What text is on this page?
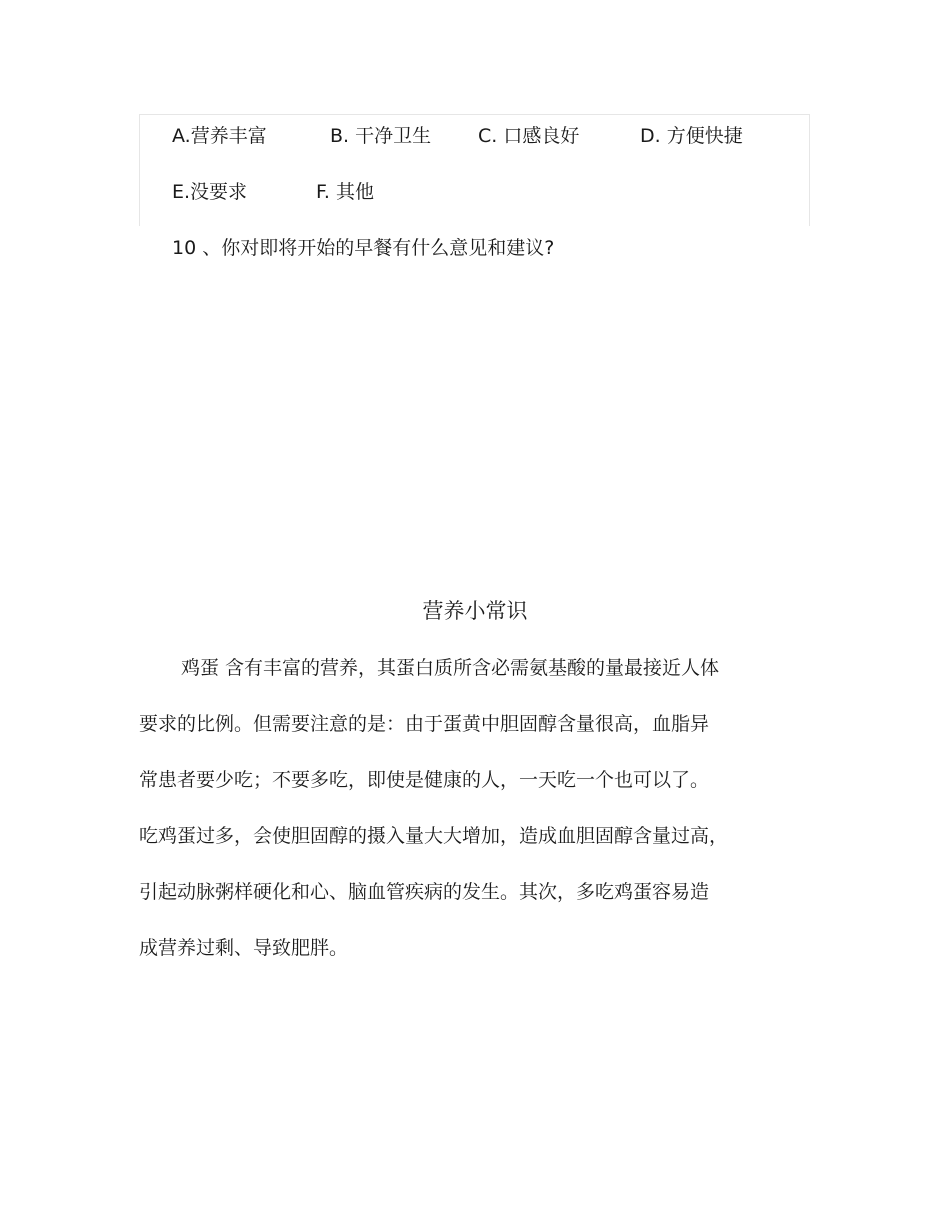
A.营养丰富	B. 干净卫生 C. 口感良好	D. 方便快捷
E.没要求	F. 其他
10 、你对即将开始的早餐有什么意见和建议?
营养小常识
鸡蛋 含有丰富的营养，其蛋白质所含必需氨基酸的量最接近人体
要求的比例。但需要注意的是：由于蛋黄中胆固醇含量很高，血脂异
常患者要少吃；不要多吃，即使是健康的人，一天吃一个也可以了。
吃鸡蛋过多，会使胆固醇的摄入量大大增加，造成血胆固醇含量过高，
引起动脉粥样硬化和心、脑血管疾病的发生。其次，多吃鸡蛋容易造
成营养过剩、导致肥胖。
